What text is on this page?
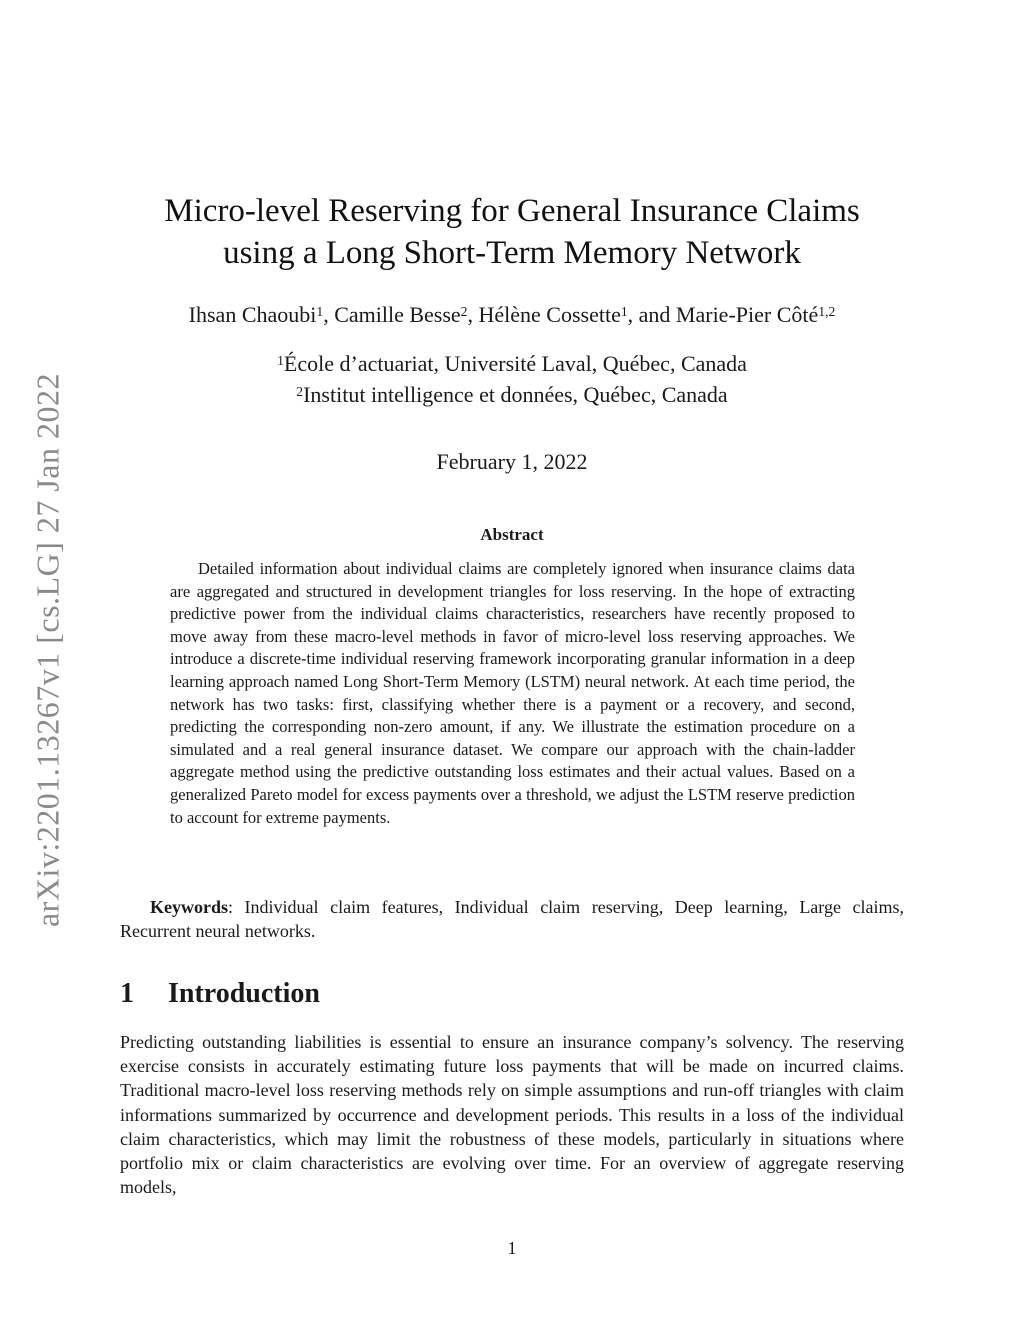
arXiv:2201.13267v1 [cs.LG] 27 Jan 2022
Micro-level Reserving for General Insurance Claims
using a Long Short-Term Memory Network
Ihsan Chaoubi$^1$, Camille Besse$^2$, Hélène Cossette$^1$, and Marie-Pier Côté$^{1,2}$
$^1$École d’actuariat, Université Laval, Québec, Canada
$^2$Institut intelligence et données, Québec, Canada
February 1, 2022
Abstract

Detailed information about individual claims are completely ignored when insurance claims data are aggregated and structured in development triangles for loss reserving. In the hope of extracting predictive power from the individual claims characteristics, researchers have recently proposed to move away from these macro-level methods in favor of micro-level loss reserving approaches. We introduce a discrete-time individual reserving framework incorporating granular information in a deep learning approach named Long Short-Term Memory (LSTM) neural network. At each time period, the network has two tasks: first, classifying whether there is a payment or a recovery, and second, predicting the corresponding non-zero amount, if any. We illustrate the estimation procedure on a simulated and a real general insurance dataset. We compare our approach with the chain-ladder aggregate method using the predictive outstanding loss estimates and their actual values. Based on a generalized Pareto model for excess payments over a threshold, we adjust the LSTM reserve prediction to account for extreme payments.

Keywords: Individual claim features, Individual claim reserving, Deep learning, Large claims, Recurrent neural networks.
1 Introduction
Predicting outstanding liabilities is essential to ensure an insurance company’s solvency. The reserving exercise consists in accurately estimating future loss payments that will be made on incurred claims. Traditional macro-level loss reserving methods rely on simple assumptions and run-off triangles with claim informations summarized by occurrence and development periods. This results in a loss of the individual claim characteristics, which may limit the robustness of these models, particularly in situations where portfolio mix or claim characteristics are evolving over time. For an overview of aggregate reserving models,
1
